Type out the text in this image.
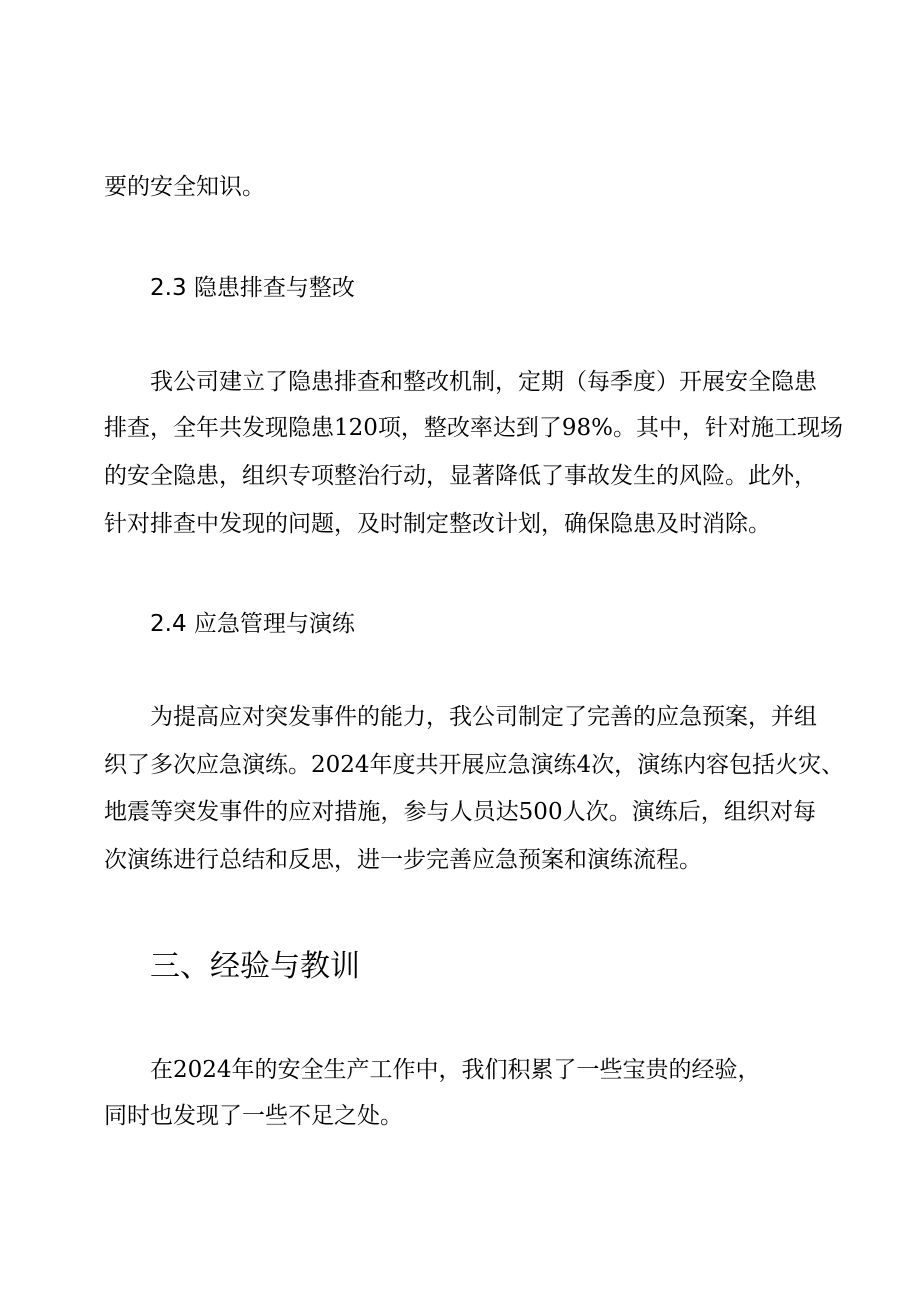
要的安全知识。
2.3 隐患排查与整改
我公司建立了隐患排查和整改机制，定期（每季度）开展安全隐患
排查，全年共发现隐患120项，整改率达到了98%。其中，针对施工现场
的安全隐患，组织专项整治行动，显著降低了事故发生的风险。此外，
针对排查中发现的问题，及时制定整改计划，确保隐患及时消除。
2.4 应急管理与演练
为提高应对突发事件的能力，我公司制定了完善的应急预案，并组
织了多次应急演练。2024年度共开展应急演练4次，演练内容包括火灾、
地震等突发事件的应对措施，参与人员达500人次。演练后，组织对每
次演练进行总结和反思，进一步完善应急预案和演练流程。
三、经验与教训
在2024年的安全生产工作中，我们积累了一些宝贵的经验，
同时也发现了一些不足之处。
